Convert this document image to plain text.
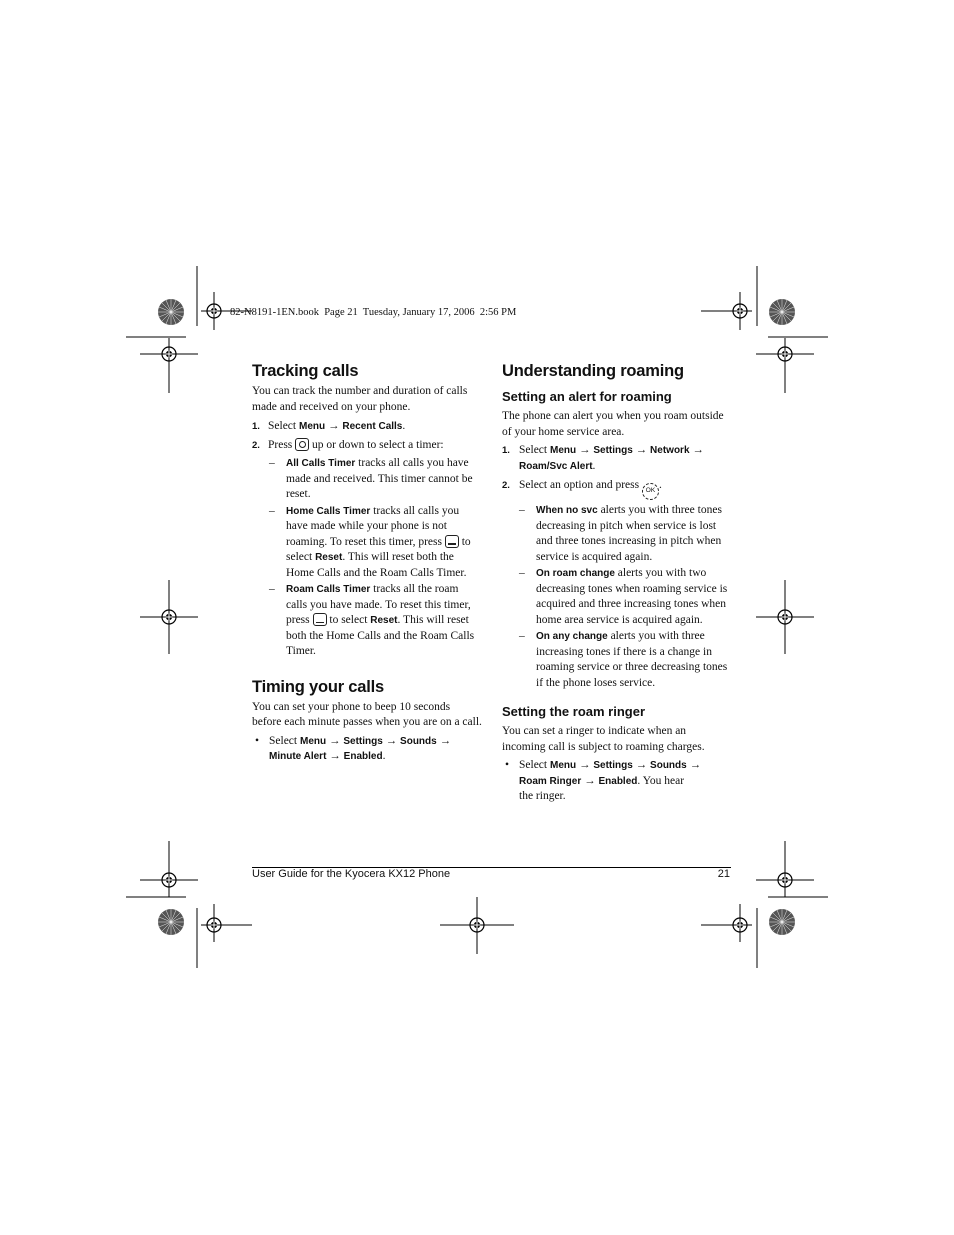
82-N8191-1EN.book  Page 21  Tuesday, January 17, 2006  2:56 PM
Tracking calls

You can track the number and duration of calls made and received on your phone.

1. Select Menu → Recent Calls.
2. Press  up or down to select a timer:
– All Calls Timer tracks all calls you have made and received. This timer cannot be reset.
– Home Calls Timer tracks all calls you have made while your phone is not roaming. To reset this timer, press  to select Reset. This will reset both the Home Calls and the Roam Calls Timer.
– Roam Calls Timer tracks all the roam calls you have made. To reset this timer, press  to select Reset. This will reset both the Home Calls and the Roam Calls Timer.
Timing your calls

You can set your phone to beep 10 seconds before each minute passes when you are on a call.

• Select Menu → Settings → Sounds →
Minute Alert → Enabled.
Understanding roaming
Setting an alert for roaming

The phone can alert you when you roam outside of your home service area.

1. Select Menu → Settings → Network →
Roam/Svc Alert.
2. Select an option and press OK .
– When no svc alerts you with three tones decreasing in pitch when service is lost and three tones increasing in pitch when service is acquired again.
– On roam change alerts you with two decreasing tones when roaming service is acquired and three increasing tones when home area service is acquired again.
– On any change alerts you with three increasing tones if there is a change in roaming service or three decreasing tones if the phone loses service.
Setting the roam ringer

You can set a ringer to indicate when an incoming call is subject to roaming charges.

• Select Menu → Settings → Sounds →
Roam Ringer → Enabled. You hear
the ringer.
User Guide for the Kyocera KX12 Phone	21
